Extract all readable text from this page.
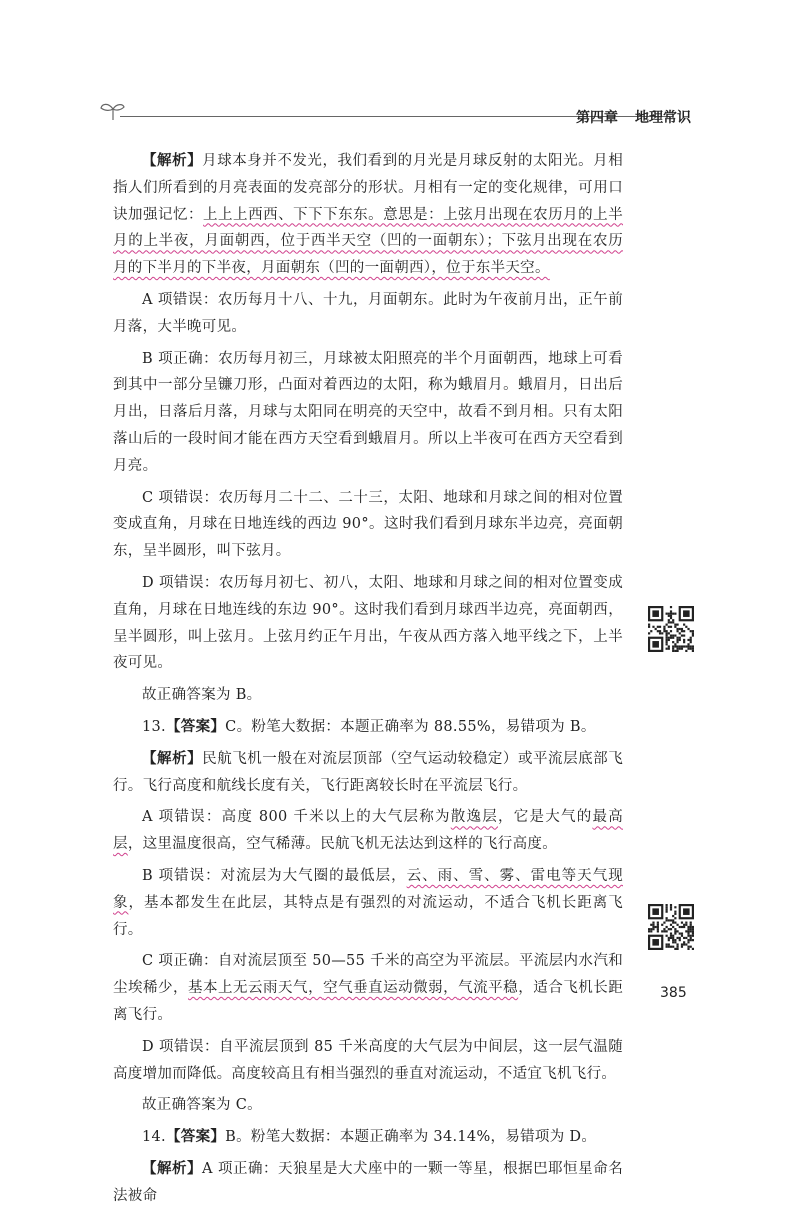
第四章 地理常识

【解析】月球本身并不发光，我们看到的月光是月球反射的太阳光。月相指人们所看到的月亮表面的发亮部分的形状。月相有一定的变化规律，可用口诀加强记忆：上上上西西、下下下东东。意思是：上弦月出现在农历月的上半月的上半夜，月面朝西，位于西半天空（凹的一面朝东）；下弦月出现在农历月的下半月的下半夜，月面朝东（凹的一面朝西），位于东半天空。

A 项错误：农历每月十八、十九，月面朝东。此时为午夜前月出，正午前月落，大半晚可见。

B 项正确：农历每月初三，月球被太阳照亮的半个月面朝西，地球上可看到其中一部分呈镰刀形，凸面对着西边的太阳，称为蛾眉月。蛾眉月，日出后月出，日落后月落，月球与太阳同在明亮的天空中，故看不到月相。只有太阳落山后的一段时间才能在西方天空看到蛾眉月。所以上半夜可在西方天空看到月亮。

C 项错误：农历每月二十二、二十三，太阳、地球和月球之间的相对位置变成直角，月球在日地连线的西边 90°。这时我们看到月球东半边亮，亮面朝东，呈半圆形，叫下弦月。

D 项错误：农历每月初七、初八，太阳、地球和月球之间的相对位置变成直角，月球在日地连线的东边 90°。这时我们看到月球西半边亮，亮面朝西，呈半圆形，叫上弦月。上弦月约正午月出，午夜从西方落入地平线之下，上半夜可见。

故正确答案为 B。

13.【答案】C。粉笔大数据：本题正确率为 88.55%，易错项为 B。

【解析】民航飞机一般在对流层顶部（空气运动较稳定）或平流层底部飞行。飞行高度和航线长度有关，飞行距离较长时在平流层飞行。

A 项错误：高度 800 千米以上的大气层称为散逸层，它是大气的最高层，这里温度很高，空气稀薄。民航飞机无法达到这样的飞行高度。

B 项错误：对流层为大气圈的最低层，云、雨、雪、雾、雷电等天气现象，基本都发生在此层，其特点是有强烈的对流运动，不适合飞机长距离飞行。

C 项正确：自对流层顶至 50—55 千米的高空为平流层。平流层内水汽和尘埃稀少，基本上无云雨天气，空气垂直运动微弱，气流平稳，适合飞机长距离飞行。

D 项错误：自平流层顶到 85 千米高度的大气层为中间层，这一层气温随高度增加而降低。高度较高且有相当强烈的垂直对流运动，不适宜飞机飞行。

故正确答案为 C。

14.【答案】B。粉笔大数据：本题正确率为 34.14%，易错项为 D。

【解析】A 项正确：天狼星是大犬座中的一颗一等星，根据巴耶恒星命名法被命

385
